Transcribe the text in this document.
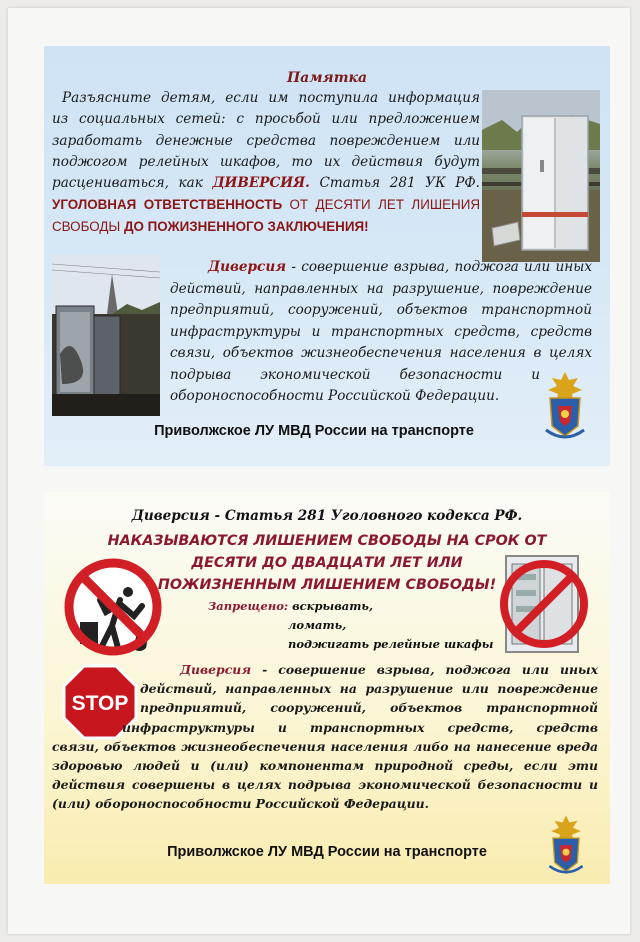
Памятка
Разъясните детям, если им поступила информация
из социальных сетей: с просьбой или предложением
заработать денежные средства повреждением или
поджогом релейных шкафов, то их действия будут
расцениваться, как ДИВЕРСИЯ. Статья 281 УК РФ.
УГОЛОВНАЯ ОТВЕТСТВЕННОСТЬ ОТ ДЕСЯТИ ЛЕТ ЛИШЕНИЯ
СВОБОДЫ ДО ПОЖИЗНЕННОГО ЗАКЛЮЧЕНИЯ!
Диверсия - совершение взрыва, поджога или иных
действий, направленных на разрушение, повреждение
предприятий, сооружений, объектов транспортной
инфраструктуры и транспортных средств, средств
связи, объектов жизнеобеспечения населения в целях
подрыва экономической безопасности и
обороноспособности Российской Федерации.
Приволжское ЛУ МВД России на транспорте
Диверсия - Статья 281 Уголовного кодекса РФ.
НАКАЗЫВАЮТСЯ ЛИШЕНИЕМ СВОБОДЫ НА СРОК ОТ
ДЕСЯТИ ДО ДВАДЦАТИ ЛЕТ ИЛИ
ПОЖИЗНЕННЫМ ЛИШЕНИЕМ СВОБОДЫ!
Запрещено: вскрывать,
ломать,
поджигать релейные шкафы
STOP
Диверсия - совершение взрыва, поджога или иных
действий, направленных на разрушение или повреждение
предприятий, сооружений, объектов транспортной
инфраструктуры и транспортных средств, средств
связи, объектов жизнеобеспечения населения либо на нанесение вреда
здоровью людей и (или) компонентам природной среды, если эти
действия совершены в целях подрыва экономической безопасности и
(или) обороноспособности Российской Федерации.
Приволжское ЛУ МВД России на транспорте
